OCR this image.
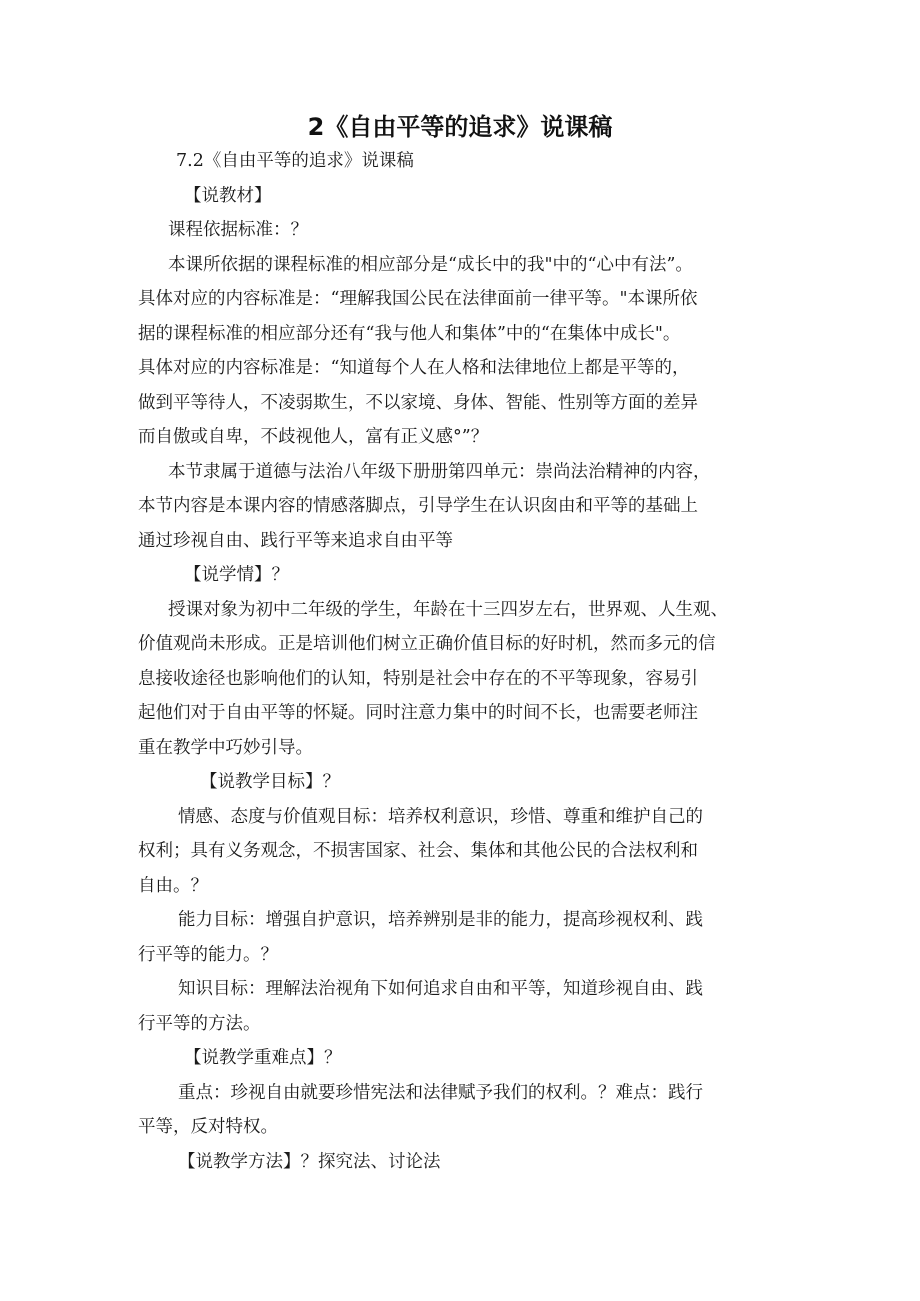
2《自由平等的追求》说课稿
7.2《自由平等的追求》说课稿
【说教材】
课程依据标准：？
本课所依据的课程标准的相应部分是“成长中的我"中的“心中有法”。
具体对应的内容标准是：“理解我国公民在法律面前一律平等。"本课所依
据的课程标准的相应部分还有“我与他人和集体”中的“在集体中成长"。
具体对应的内容标准是：“知道每个人在人格和法律地位上都是平等的，
做到平等待人，不凌弱欺生，不以家境、身体、智能、性别等方面的差异
而自傲或自卑，不歧视他人，富有正义感°”？
本节隶属于道德与法治八年级下册册第四单元：崇尚法治精神的内容，
本节内容是本课内容的情感落脚点，引导学生在认识囱由和平等的基础上
通过珍视自由、践行平等来追求自由平等
【说学情】？
授课对象为初中二年级的学生，年龄在十三四岁左右，世界观、人生观、
价值观尚未形成。正是培训他们树立正确价值目标的好时机，然而多元的信
息接收途径也影响他们的认知，特别是社会中存在的不平等现象，容易引
起他们对于自由平等的怀疑。同时注意力集中的时间不长，也需要老师注
重在教学中巧妙引导。
【说教学目标】？
情感、态度与价值观目标：培养权利意识，珍惜、尊重和维护自己的
权利；具有义务观念，不损害国家、社会、集体和其他公民的合法权利和
自由。？
能力目标：增强自护意识，培养辨别是非的能力，提高珍视权利、践
行平等的能力。？
知识目标：理解法治视角下如何追求自由和平等，知道珍视自由、践
行平等的方法。
【说教学重难点】？
重点：珍视自由就要珍惜宪法和法律赋予我们的权利。？难点：践行
平等，反对特权。
【说教学方法】？探究法、讨论法
